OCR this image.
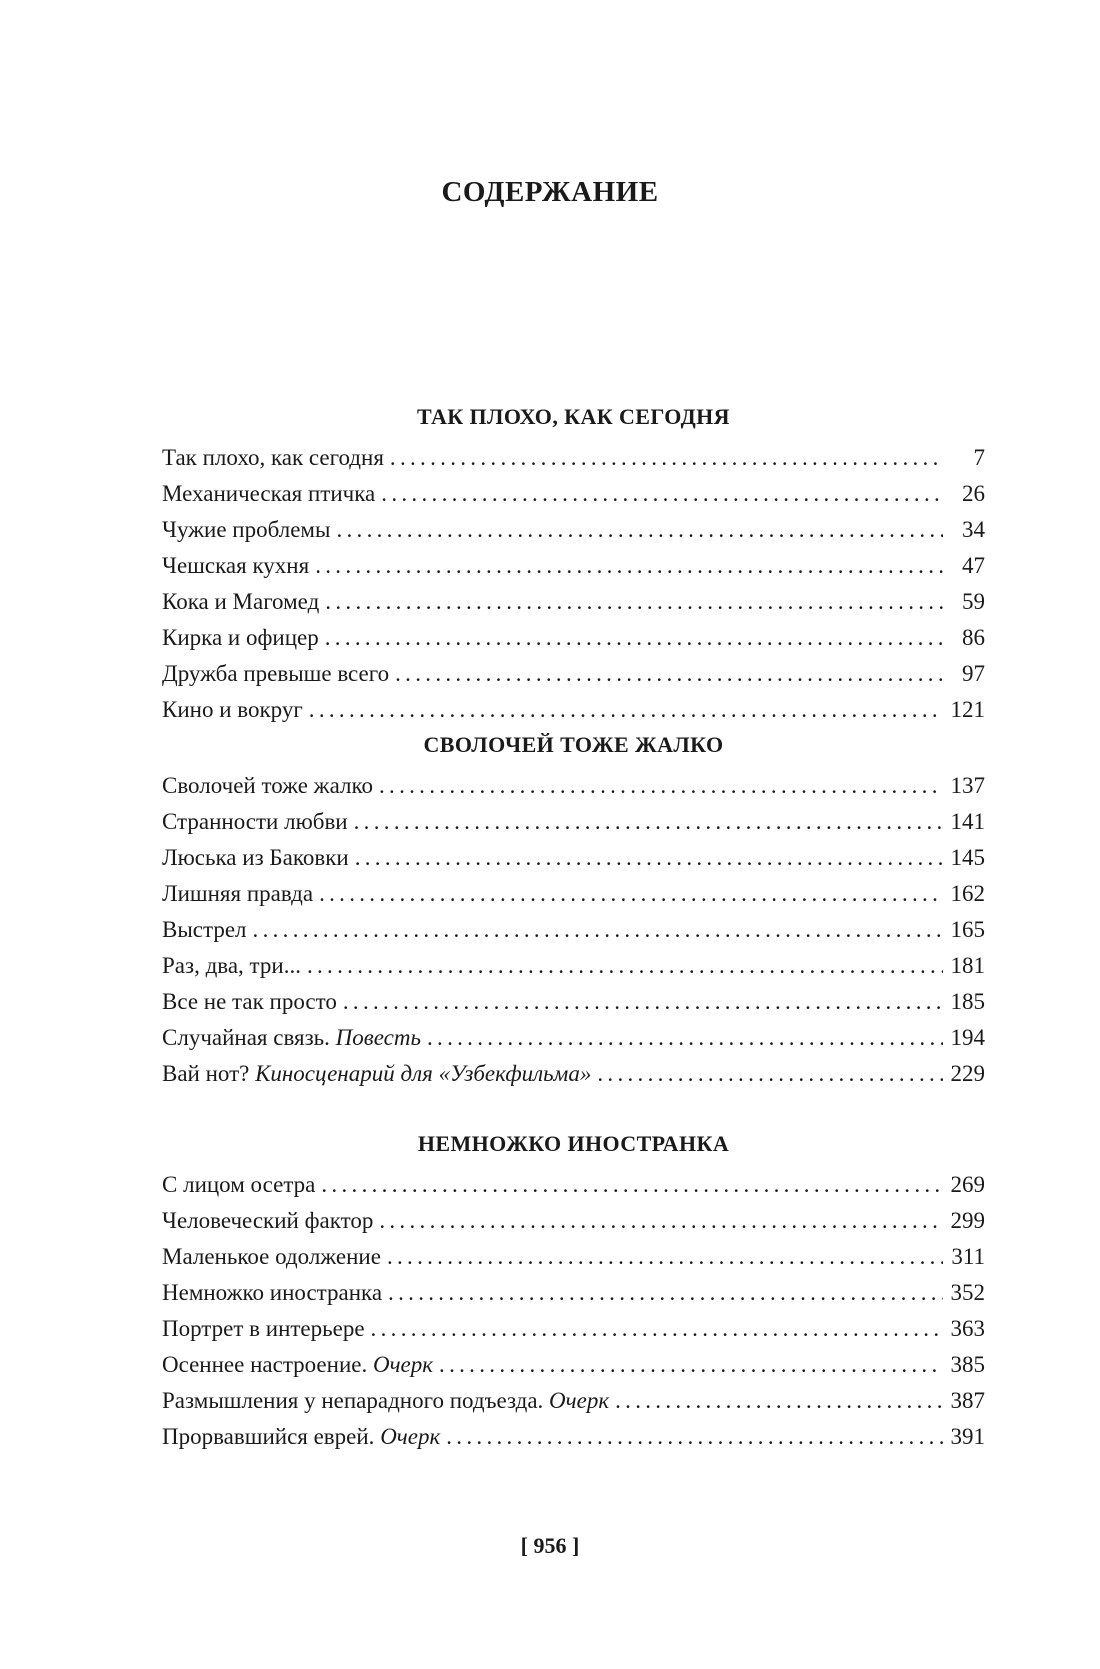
СОДЕРЖАНИЕ
ТАК ПЛОХО, КАК СЕГОДНЯ
Так плохо, как сегодня .....	7
Механическая птичка .....	26
Чужие проблемы .....	34
Чешская кухня .....	47
Кока и Магомед .....	59
Кирка и офицер .....	86
Дружба превыше всего .....	97
Кино и вокруг .....	121
СВОЛОЧЕЙ ТОЖЕ ЖАЛКО
Сволочей тоже жалко .....	137
Странности любви .....	141
Люська из Баковки .....	145
Лишняя правда .....	162
Выстрел .....	165
Раз, два, три... .....	181
Все не так просто .....	185
Случайная связь. Повесть .....	194
Вай нот? Киносценарий для «Узбекфильма» .....	229
НЕМНОЖКО ИНОСТРАНКА
С лицом осетра .....	269
Человеческий фактор .....	299
Маленькое одолжение .....	311
Немножко иностранка .....	352
Портрет в интерьере .....	363
Осеннее настроение. Очерк .....	385
Размышления у непарадного подъезда. Очерк .....	387
Прорвавшийся еврей. Очерк .....	391
[ 956 ]
